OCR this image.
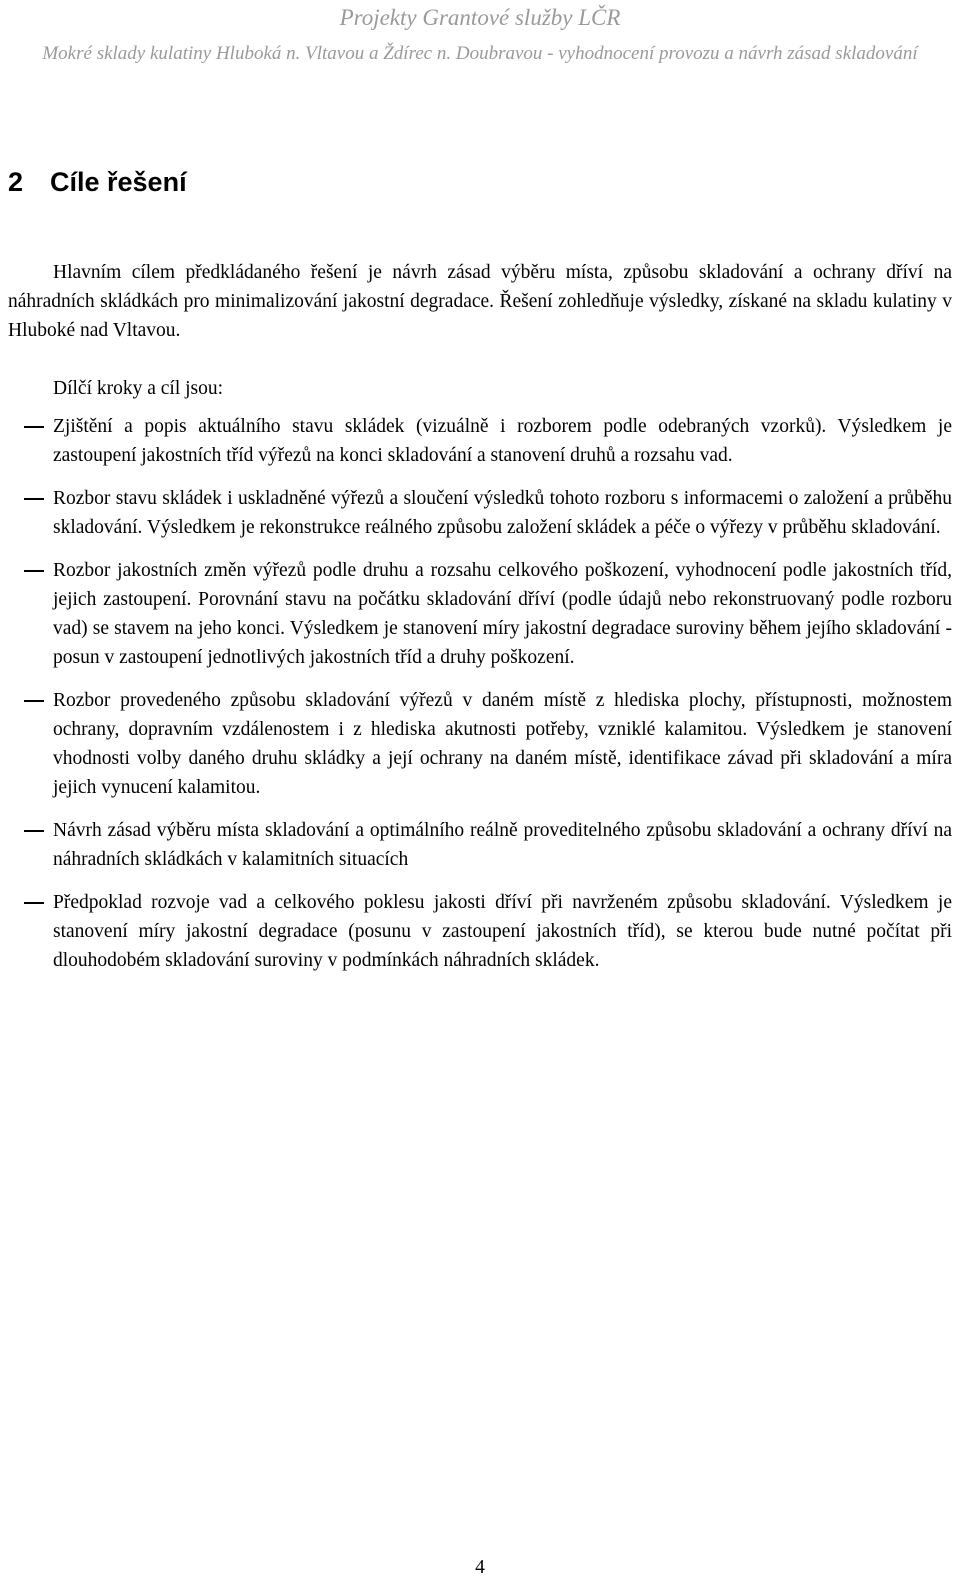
Projekty Grantové služby LČR
Mokré sklady kulatiny Hluboká n. Vltavou a Ždírec n. Doubravou - vyhodnocení provozu a návrh zásad skladování
2 Cíle řešení
Hlavním cílem předkládaného řešení je návrh zásad výběru místa, způsobu skladování a ochrany dříví na náhradních skládkách pro minimalizování jakostní degradace. Řešení zohledňuje výsledky, získané na skladu kulatiny v Hluboké nad Vltavou.
Dílčí kroky a cíl jsou:
Zjištění a popis aktuálního stavu skládek (vizuálně i rozborem podle odebraných vzorků). Výsledkem je zastoupení jakostních tříd výřezů na konci skladování a stanovení druhů a rozsahu vad.
Rozbor stavu skládek i uskladněné výřezů a sloučení výsledků tohoto rozboru s informacemi o založení a průběhu skladování. Výsledkem je rekonstrukce reálného způsobu založení skládek a péče o výřezy v průběhu skladování.
Rozbor jakostních změn výřezů podle druhu a rozsahu celkového poškození, vyhodnocení podle jakostních tříd, jejich zastoupení. Porovnání stavu na počátku skladování dříví (podle údajů nebo rekonstruovaný podle rozboru vad) se stavem na jeho konci. Výsledkem je stanovení míry jakostní degradace suroviny během jejího skladování - posun v zastoupení jednotlivých jakostních tříd a druhy poškození.
Rozbor provedeného způsobu skladování výřezů v daném místě z hlediska plochy, přístupnosti, možnostem ochrany, dopravním vzdálenostem i z hlediska akutnosti potřeby, vzniklé kalamitou. Výsledkem je stanovení vhodnosti volby daného druhu skládky a její ochrany na daném místě, identifikace závad při skladování a míra jejich vynucení kalamitou.
Návrh zásad výběru místa skladování a optimálního reálně proveditelného způsobu skladování a ochrany dříví na náhradních skládkách v kalamitních situacích
Předpoklad rozvoje vad a celkového poklesu jakosti dříví při navrženém způsobu skladování. Výsledkem je stanovení míry jakostní degradace (posunu v zastoupení jakostních tříd), se kterou bude nutné počítat při dlouhodobém skladování suroviny v podmínkách náhradních skládek.
4
